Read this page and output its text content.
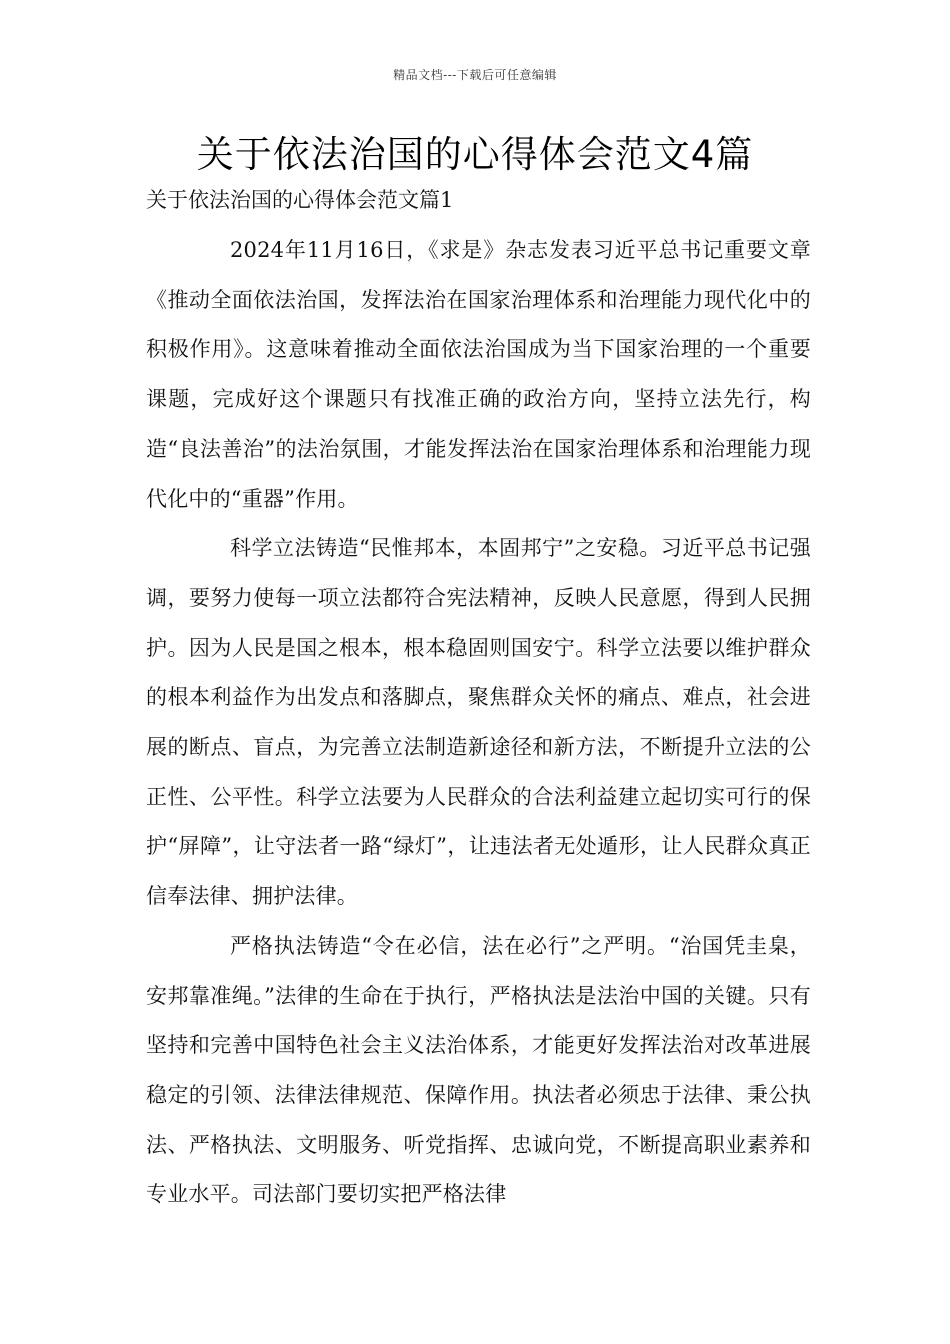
精品文档---下载后可任意编辑
关于依法治国的心得体会范文4篇

关于依法治国的心得体会范文篇1

2024年11月16日，《求是》杂志发表习近平总书记重要文章《推动全面依法治国，发挥法治在国家治理体系和治理能力现代化中的积极作用》。这意味着推动全面依法治国成为当下国家治理的一个重要课题，完成好这个课题只有找准正确的政治方向，坚持立法先行，构造“良法善治”的法治氛围，才能发挥法治在国家治理体系和治理能力现代化中的“重器”作用。

科学立法铸造“民惟邦本，本固邦宁”之安稳。习近平总书记强调，要努力使每一项立法都符合宪法精神，反映人民意愿，得到人民拥护。因为人民是国之根本，根本稳固则国安宁。科学立法要以维护群众的根本利益作为出发点和落脚点，聚焦群众关怀的痛点、难点，社会进展的断点、盲点，为完善立法制造新途径和新方法，不断提升立法的公正性、公平性。科学立法要为人民群众的合法利益建立起切实可行的保护“屏障”，让守法者一路“绿灯”，让违法者无处遁形，让人民群众真正信奉法律、拥护法律。

严格执法铸造“令在必信，法在必行”之严明。“治国凭圭臬，安邦靠准绳。”法律的生命在于执行，严格执法是法治中国的关键。只有坚持和完善中国特色社会主义法治体系，才能更好发挥法治对改革进展稳定的引领、法律法律规范、保障作用。执法者必须忠于法律、秉公执法、严格执法、文明服务、听党指挥、忠诚向党，不断提高职业素养和专业水平。司法部门要切实把严格法律
